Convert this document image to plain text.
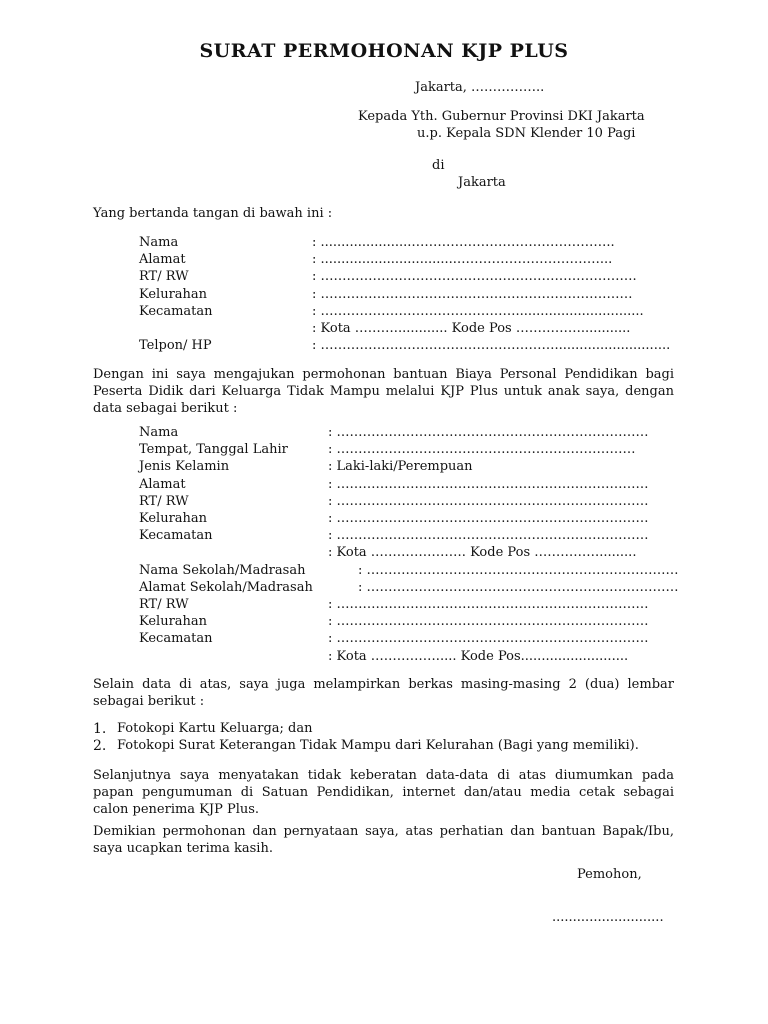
SURAT PERMOHONAN KJP PLUS
Jakarta, ……………..
Kepada Yth. Gubernur Provinsi DKI Jakarta
u.p. Kepala SDN Klender 10 Pagi
di
Jakarta
Yang bertanda tangan di bawah ini :
Nama	: ......................………………………………………..
Alamat	: .................................……………………………...
RT/ RW	: ……………………………………………………………….
Kelurahan	: ………………………………………………………………
Kecamatan	: ………………………………………...............................
: Kota ………............. Kode Pos ……………............
Telpon/ HP	: ………………………………………………............................

Dengan ini saya mengajukan permohonan bantuan Biaya Personal Pendidikan bagi Peserta Didik dari Keluarga Tidak Mampu melalui KJP Plus untuk anak saya, dengan data sebagai berikut :

Nama	: ………………………………………………………………
Tempat, Tanggal Lahir	: ……………………………………………………………
Jenis Kelamin	: Laki-laki/Perempuan
Alamat	: ………………………………………………………………
RT/ RW	: ………………………………………………………………
Kelurahan	: ………………………………………………………………
Kecamatan	: ………………………………………………………………
: Kota …………………. Kode Pos …………….........
Nama Sekolah/Madrasah	: ………………………………………………………………
Alamat Sekolah/Madrasah	: ………………………………………………………………
RT/ RW	: ………………………………………………………………
Kelurahan	: ………………………………………………………………
Kecamatan	: ………………………………………………………………
: Kota ……………..... Kode Pos..........................

Selain data di atas, saya juga melampirkan berkas masing-masing 2 (dua) lembar sebagai berikut :

1. Fotokopi Kartu Keluarga; dan
2. Fotokopi Surat Keterangan Tidak Mampu dari Kelurahan (Bagi yang memiliki).

Selanjutnya saya menyatakan tidak keberatan data-data di atas diumumkan pada papan pengumuman di Satuan Pendidikan, internet dan/atau media cetak sebagai calon penerima KJP Plus.

Demikian permohonan dan pernyataan saya, atas perhatian dan bantuan Bapak/Ibu, saya ucapkan terima kasih.

Pemohon,
...........................
